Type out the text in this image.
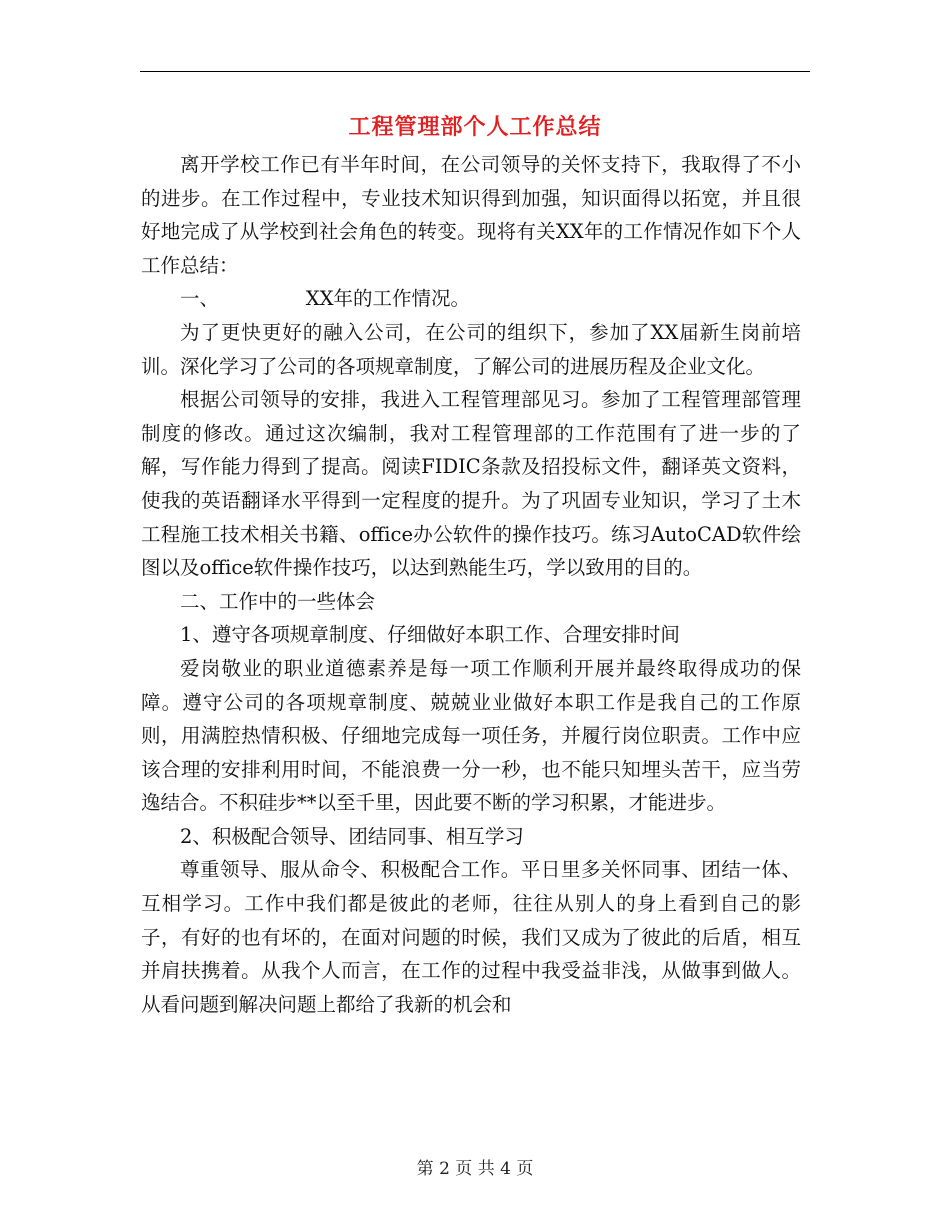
工程管理部个人工作总结

离开学校工作已有半年时间，在公司领导的关怀支持下，我取得了不小的进步。在工作过程中，专业技术知识得到加强，知识面得以拓宽，并且很好地完成了从学校到社会角色的转变。现将有关XX年的工作情况作如下个人工作总结：

一、              XX年的工作情况。

为了更快更好的融入公司，在公司的组织下，参加了XX届新生岗前培训。深化学习了公司的各项规章制度，了解公司的进展历程及企业文化。

根据公司领导的安排，我进入工程管理部见习。参加了工程管理部管理制度的修改。通过这次编制，我对工程管理部的工作范围有了进一步的了解，写作能力得到了提高。阅读FIDIC条款及招投标文件，翻译英文资料，使我的英语翻译水平得到一定程度的提升。为了巩固专业知识，学习了土木工程施工技术相关书籍、office办公软件的操作技巧。练习AutoCAD软件绘图以及office软件操作技巧，以达到熟能生巧，学以致用的目的。

二、工作中的一些体会

1、遵守各项规章制度、仔细做好本职工作、合理安排时间

爱岗敬业的职业道德素养是每一项工作顺利开展并最终取得成功的保障。遵守公司的各项规章制度、兢兢业业做好本职工作是我自己的工作原则，用满腔热情积极、仔细地完成每一项任务，并履行岗位职责。工作中应该合理的安排利用时间，不能浪费一分一秒，也不能只知埋头苦干，应当劳逸结合。不积硅步**以至千里，因此要不断的学习积累，才能进步。

2、积极配合领导、团结同事、相互学习

尊重领导、服从命令、积极配合工作。平日里多关怀同事、团结一体、互相学习。工作中我们都是彼此的老师，往往从别人的身上看到自己的影子，有好的也有坏的，在面对问题的时候，我们又成为了彼此的后盾，相互并肩扶携着。从我个人而言，在工作的过程中我受益非浅，从做事到做人。从看问题到解决问题上都给了我新的机会和

第 2 页 共 4 页
